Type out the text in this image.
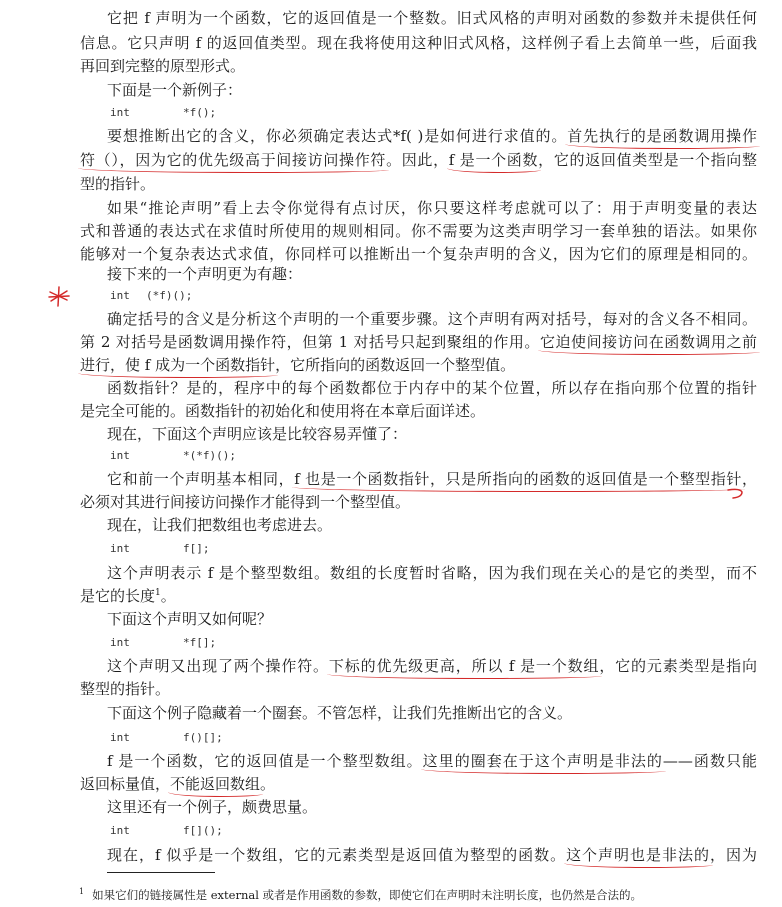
它把 f 声明为一个函数，它的返回值是一个整数。旧式风格的声明对函数的参数并未提供任何
信息。它只声明 f 的返回值类型。现在我将使用这种旧式风格，这样例子看上去简单一些，后面我
再回到完整的原型形式。
下面是一个新例子：
int	*f();
要想推断出它的含义，你必须确定表达式*f( )是如何进行求值的。首先执行的是函数调用操作
符（），因为它的优先级高于间接访问操作符。因此，f 是一个函数，它的返回值类型是一个指向整
型的指针。
如果“推论声明”看上去令你觉得有点讨厌，你只要这样考虑就可以了：用于声明变量的表达
式和普通的表达式在求值时所使用的规则相同。你不需要为这类声明学习一套单独的语法。如果你
能够对一个复杂表达式求值，你同样可以推断出一个复杂声明的含义，因为它们的原理是相同的。
接下来的一个声明更为有趣：
int (*f)();
确定括号的含义是分析这个声明的一个重要步骤。这个声明有两对括号，每对的含义各不相同。
第 2 对括号是函数调用操作符，但第 1 对括号只起到聚组的作用。它迫使间接访问在函数调用之前
进行，使 f 成为一个函数指针，它所指向的函数返回一个整型值。
函数指针？是的，程序中的每个函数都位于内存中的某个位置，所以存在指向那个位置的指针
是完全可能的。函数指针的初始化和使用将在本章后面详述。
现在，下面这个声明应该是比较容易弄懂了：
int	*(*f)();
它和前一个声明基本相同，f 也是一个函数指针，只是所指向的函数的返回值是一个整型指针，
必须对其进行间接访问操作才能得到一个整型值。
现在，让我们把数组也考虑进去。
int	f[];
这个声明表示 f 是个整型数组。数组的长度暂时省略，因为我们现在关心的是它的类型，而不
是它的长度$^1$。
下面这个声明又如何呢？
int	*f[];
这个声明又出现了两个操作符。下标的优先级更高，所以 f 是一个数组，它的元素类型是指向
整型的指针。
下面这个例子隐藏着一个圈套。不管怎样，让我们先推断出它的含义。
int	f()[];
f 是一个函数，它的返回值是一个整型数组。这里的圈套在于这个声明是非法的——函数只能
返回标量值，不能返回数组。
这里还有一个例子，颇费思量。
int	f[]();
现在，f 似乎是一个数组，它的元素类型是返回值为整型的函数。这个声明也是非法的，因为
$^1$ 如果它们的链接属性是 external 或者是作用函数的参数，即使它们在声明时未注明长度，也仍然是合法的。
